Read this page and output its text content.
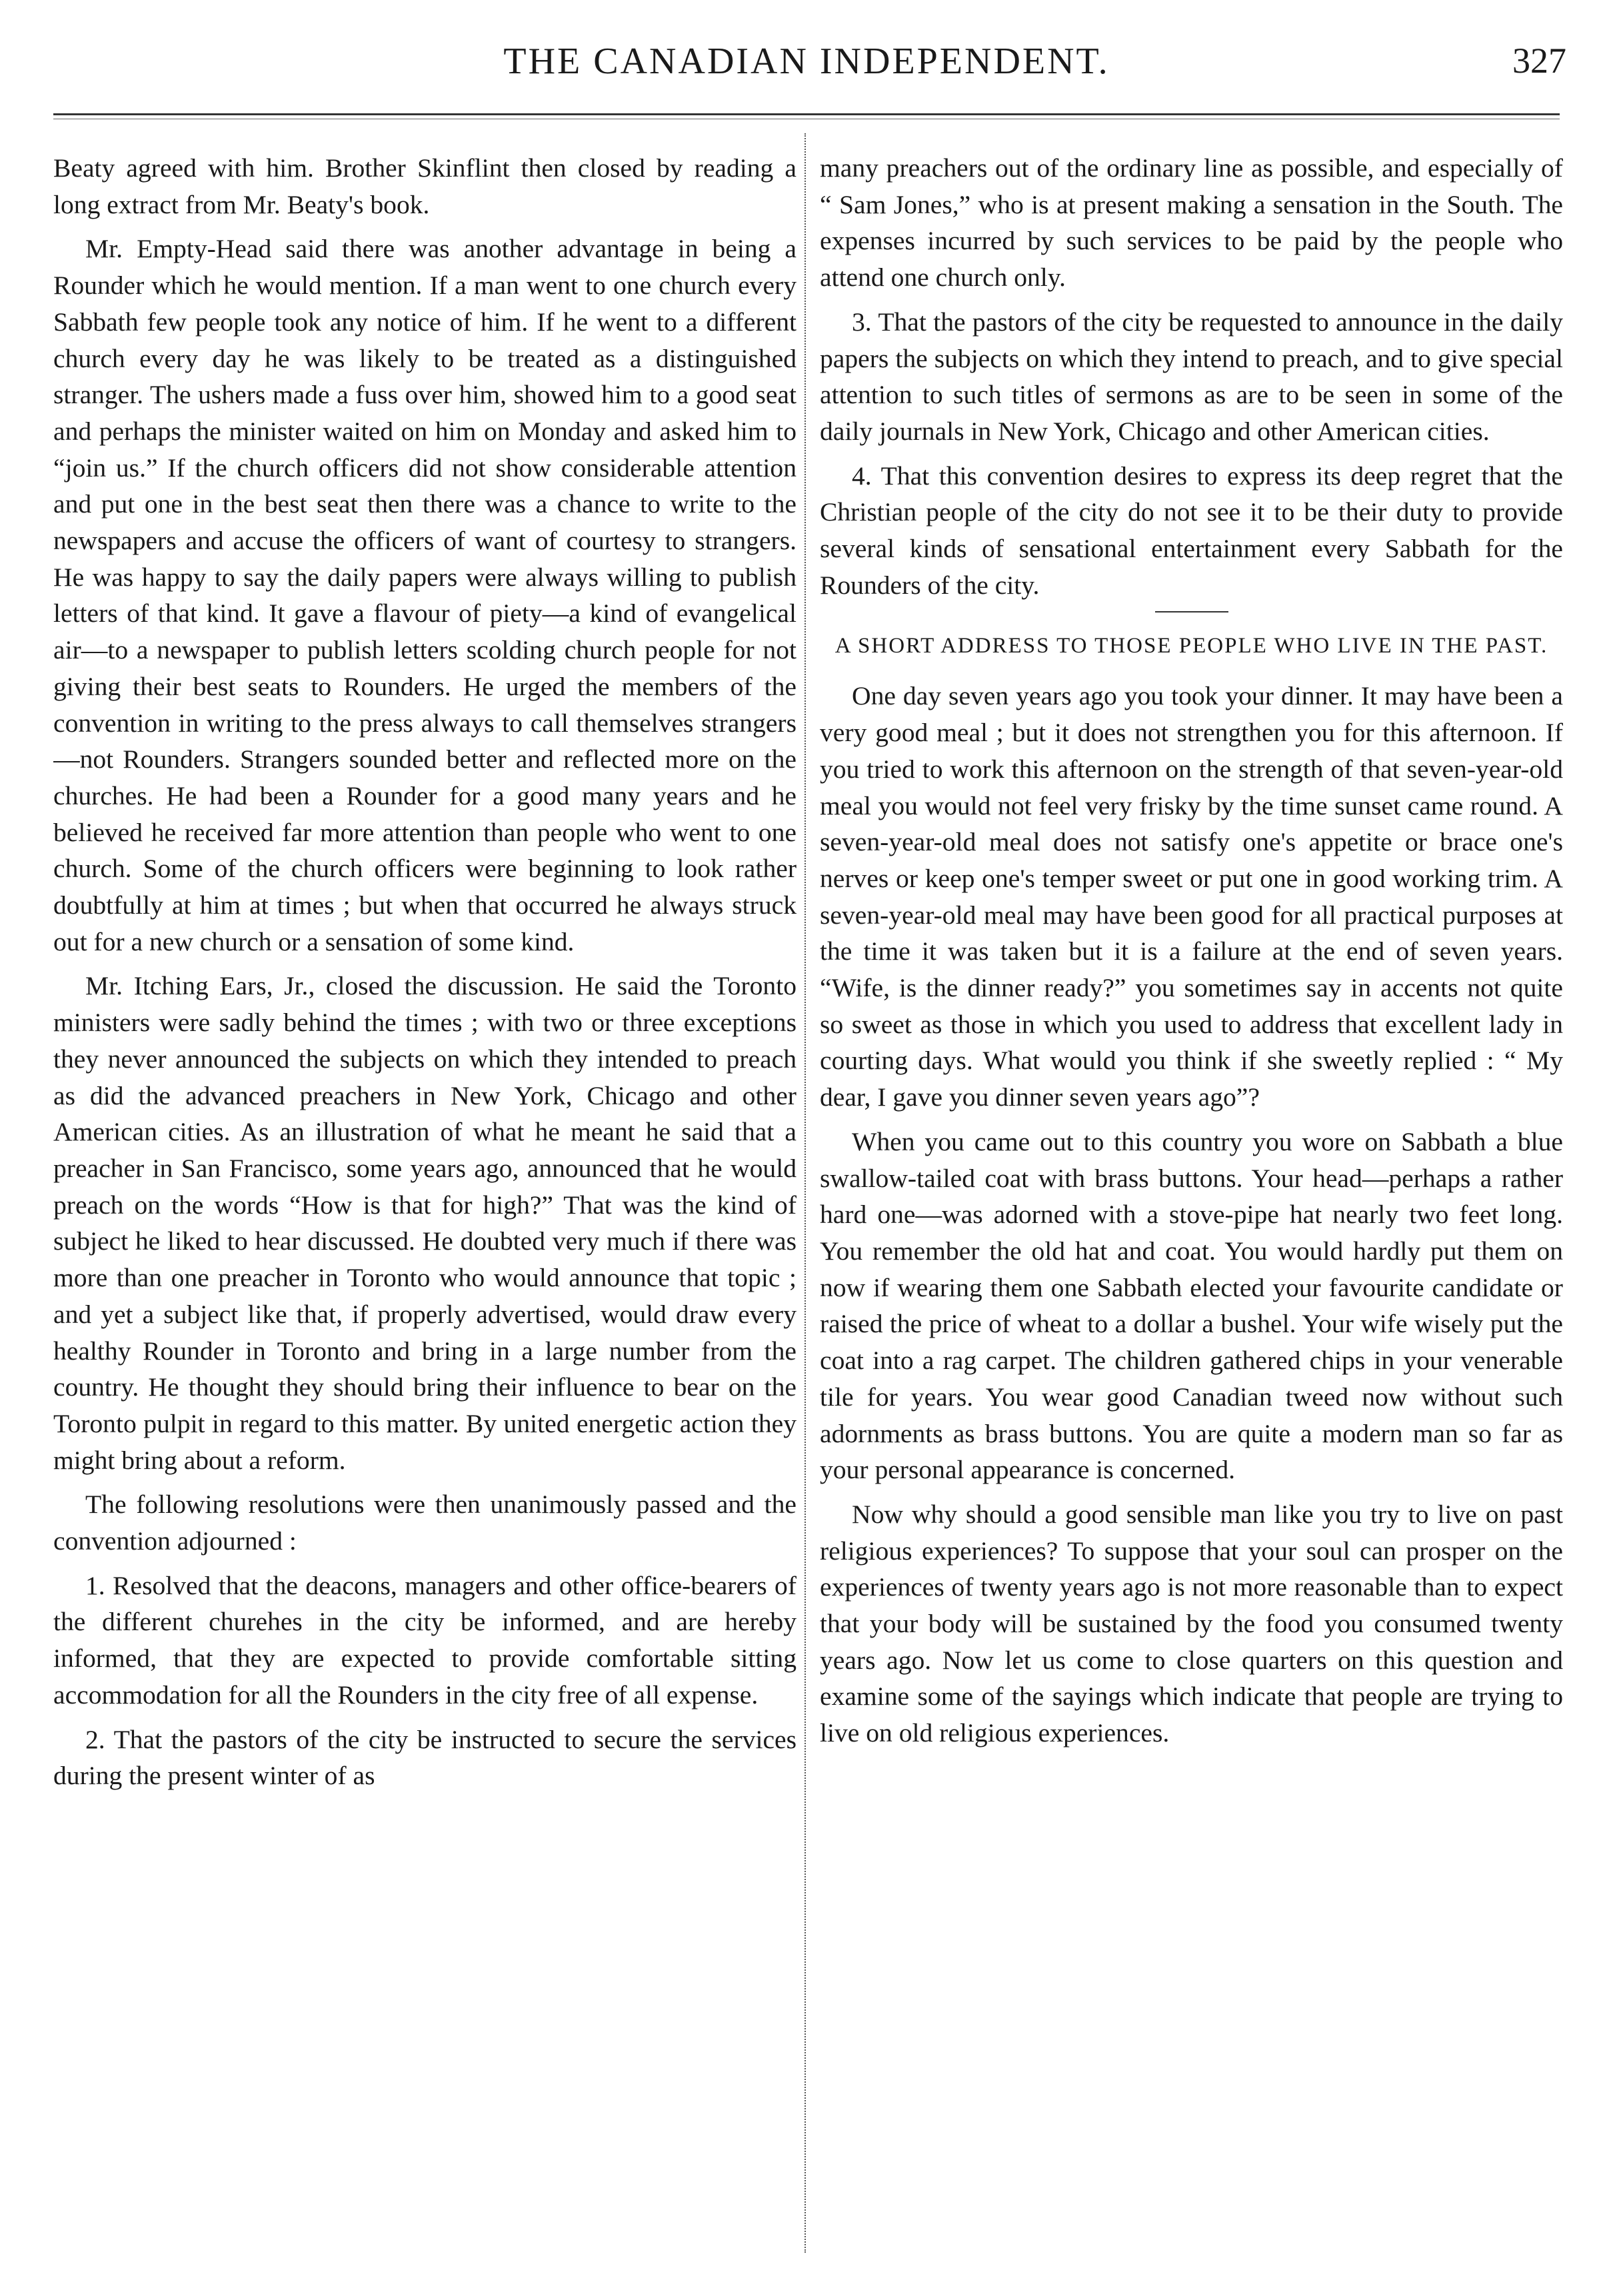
THE CANADIAN INDEPENDENT.	327

Beaty agreed with him. Brother Skinflint then closed by reading a long extract from Mr. Beaty's book.

Mr. Empty-Head said there was another advantage in being a Rounder which he would mention. If a man went to one church every Sabbath few people took any notice of him. If he went to a different church every day he was likely to be treated as a distinguished stranger. The ushers made a fuss over him, showed him to a good seat and perhaps the minister waited on him on Monday and asked him to “join us.” If the church officers did not show considerable attention and put one in the best seat then there was a chance to write to the newspapers and accuse the officers of want of courtesy to strangers. He was happy to say the daily papers were always willing to publish letters of that kind. It gave a flavour of piety—a kind of evangelical air—to a newspaper to publish letters scolding church people for not giving their best seats to Rounders. He urged the members of the convention in writing to the press always to call themselves strangers—not Rounders. Strangers sounded better and reflected more on the churches. He had been a Rounder for a good many years and he believed he received far more attention than people who went to one church. Some of the church officers were beginning to look rather doubtfully at him at times ; but when that occurred he always struck out for a new church or a sensation of some kind.

Mr. Itching Ears, Jr., closed the discussion. He said the Toronto ministers were sadly behind the times ; with two or three exceptions they never announced the subjects on which they intended to preach as did the advanced preachers in New York, Chicago and other American cities. As an illustration of what he meant he said that a preacher in San Francisco, some years ago, announced that he would preach on the words “How is that for high?” That was the kind of subject he liked to hear discussed. He doubted very much if there was more than one preacher in Toronto who would announce that topic ; and yet a subject like that, if properly advertised, would draw every healthy Rounder in Toronto and bring in a large number from the country. He thought they should bring their influence to bear on the Toronto pulpit in regard to this matter. By united energetic action they might bring about a reform.

The following resolutions were then unanimously passed and the convention adjourned :

1. Resolved that the deacons, managers and other office-bearers of the different churehes in the city be informed, and are hereby informed, that they are expected to provide comfortable sitting accommodation for all the Rounders in the city free of all expense.

2. That the pastors of the city be instructed to secure the services during the present winter of as

many preachers out of the ordinary line as possible, and especially of “ Sam Jones,” who is at present making a sensation in the South. The expenses incurred by such services to be paid by the people who attend one church only.

3. That the pastors of the city be requested to announce in the daily papers the subjects on which they intend to preach, and to give special attention to such titles of sermons as are to be seen in some of the daily journals in New York, Chicago and other American cities.

4. That this convention desires to express its deep regret that the Christian people of the city do not see it to be their duty to provide several kinds of sensational entertainment every Sabbath for the Rounders of the city.

A SHORT ADDRESS TO THOSE PEOPLE WHO LIVE IN THE PAST.

One day seven years ago you took your dinner. It may have been a very good meal ; but it does not strengthen you for this afternoon. If you tried to work this afternoon on the strength of that seven-year-old meal you would not feel very frisky by the time sunset came round. A seven-year-old meal does not satisfy one's appetite or brace one's nerves or keep one's temper sweet or put one in good working trim. A seven-year-old meal may have been good for all practical purposes at the time it was taken but it is a failure at the end of seven years. “Wife, is the dinner ready?” you sometimes say in accents not quite so sweet as those in which you used to address that excellent lady in courting days. What would you think if she sweetly replied : “ My dear, I gave you dinner seven years ago”?

When you came out to this country you wore on Sabbath a blue swallow-tailed coat with brass buttons. Your head—perhaps a rather hard one—was adorned with a stove-pipe hat nearly two feet long. You remember the old hat and coat. You would hardly put them on now if wearing them one Sabbath elected your favourite candidate or raised the price of wheat to a dollar a bushel. Your wife wisely put the coat into a rag carpet. The children gathered chips in your venerable tile for years. You wear good Canadian tweed now without such adornments as brass buttons. You are quite a modern man so far as your personal appearance is concerned.

Now why should a good sensible man like you try to live on past religious experiences? To suppose that your soul can prosper on the experiences of twenty years ago is not more reasonable than to expect that your body will be sustained by the food you consumed twenty years ago. Now let us come to close quarters on this question and examine some of the sayings which indicate that people are trying to live on old religious experiences.
